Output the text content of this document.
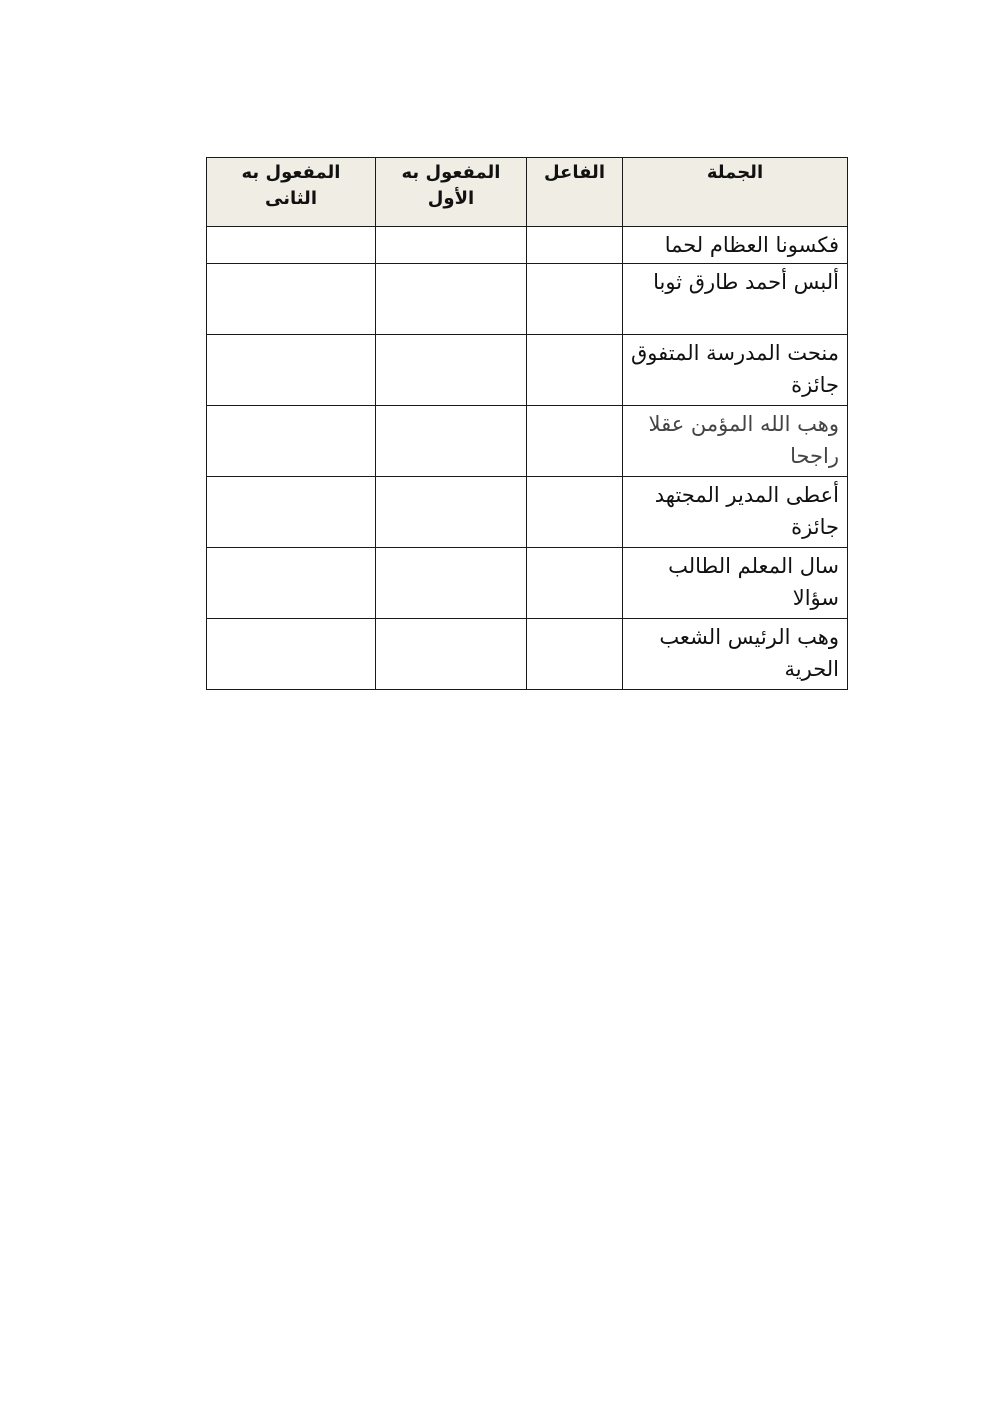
الجملة	الفاعل	المفعول به الأول	المفعول به الثانى
فكسونا العظام لحما			
ألبس أحمد طارق ثوبا			
منحت المدرسة المتفوق جائزة			
وهب الله المؤمن عقلا راجحا			
أعطى المدير المجتهد جائزة			
سال المعلم الطالب سؤالا			
وهب الرئيس الشعب الحرية			
